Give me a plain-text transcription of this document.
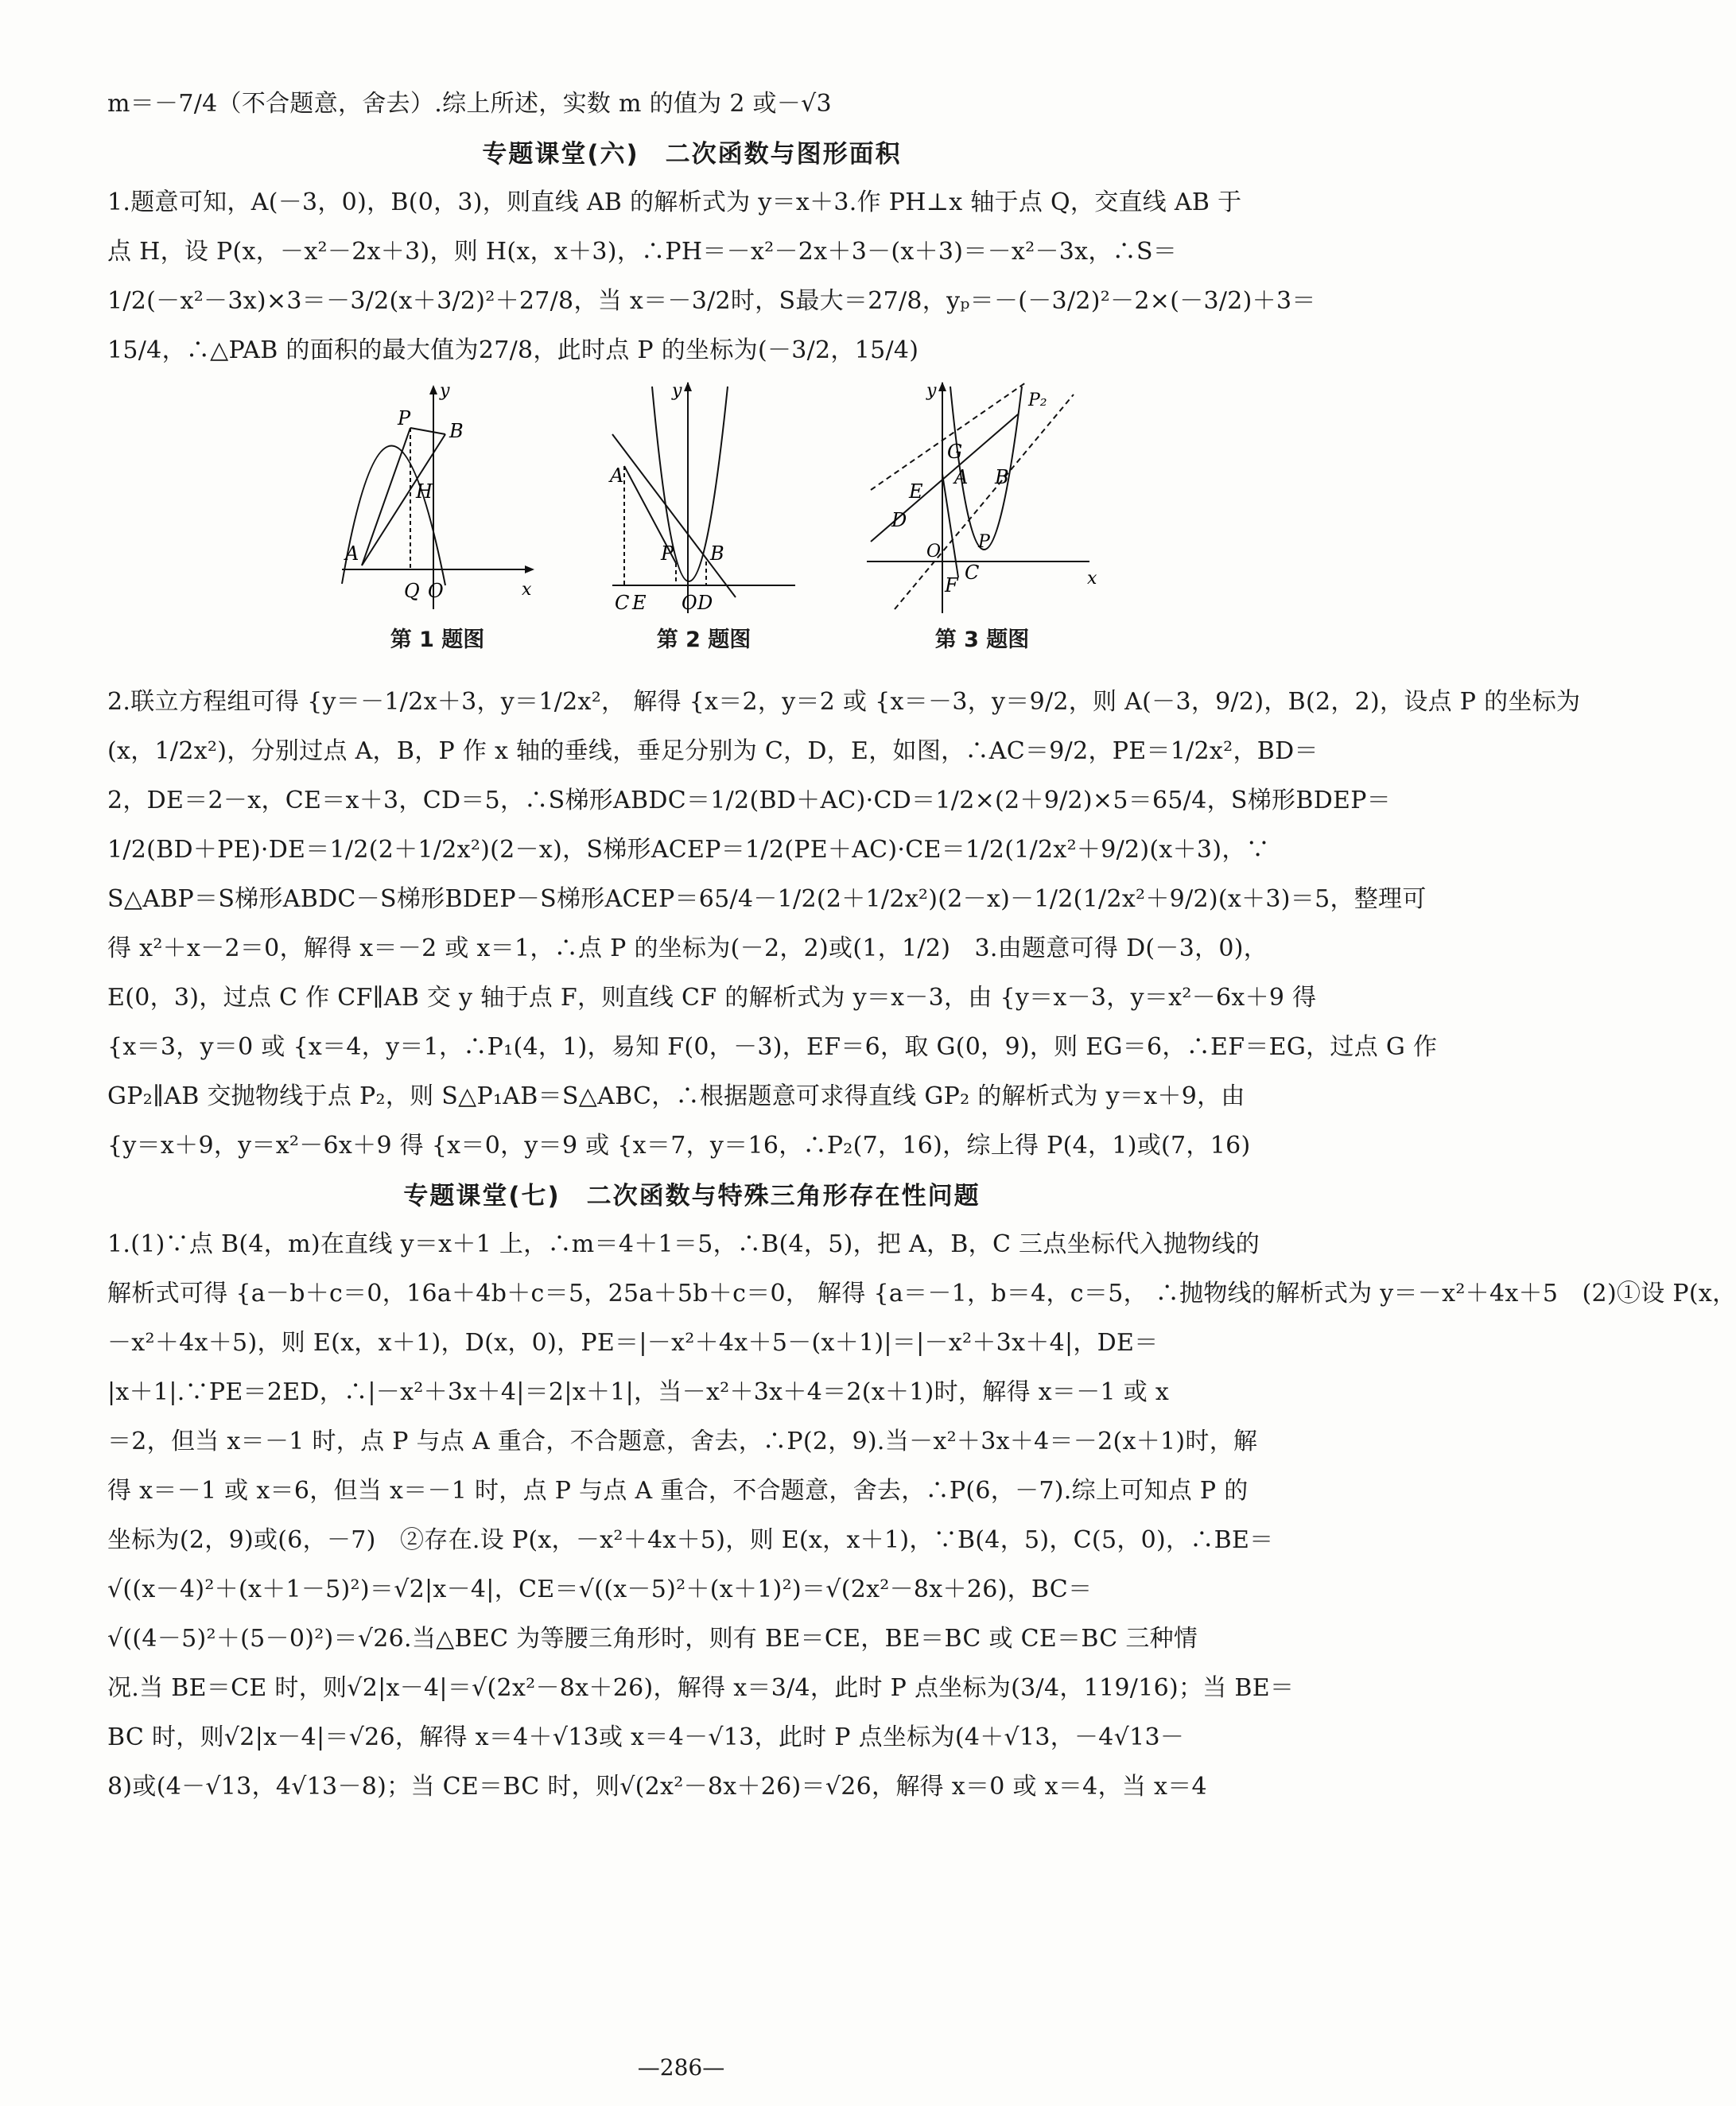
m＝－7/4（不合题意，舍去）.综上所述，实数 m 的值为 2 或－√3

专题课堂(六)　二次函数与图形面积

1.题意可知，A(－3，0)，B(0，3)，则直线 AB 的解析式为 y＝x＋3.作 PH⊥x 轴于点 Q，交直线 AB 于

点 H，设 P(x，－x²－2x＋3)，则 H(x，x＋3)，∴PH＝－x²－2x＋3－(x＋3)＝－x²－3x，∴S＝

1/2(－x²－3x)×3＝－3/2(x＋3/2)²＋27/8，当 x＝－3/2时，S最大＝27/8，yₚ＝－(－3/2)²－2×(－3/2)＋3＝

15/4，∴△PAB 的面积的最大值为27/8，此时点 P 的坐标为(－3/2，15/4)

y
x
P
B
H
A
Q O
第 1 题图
y
A
P B
C E O D
第 2 题图
y
x
P₂
G
A B
E
D
O P
C
F
第 3 题图

2.联立方程组可得 {y＝－1/2x＋3，y＝1/2x²， 解得 {x＝2，y＝2 或 {x＝－3，y＝9/2，则 A(－3，9/2)，B(2，2)，设点 P 的坐标为

(x，1/2x²)，分别过点 A，B，P 作 x 轴的垂线，垂足分别为 C，D，E，如图，∴AC＝9/2，PE＝1/2x²，BD＝

2，DE＝2－x，CE＝x＋3，CD＝5，∴S梯形ABDC＝1/2(BD＋AC)·CD＝1/2×(2＋9/2)×5＝65/4，S梯形BDEP＝

1/2(BD＋PE)·DE＝1/2(2＋1/2x²)(2－x)，S梯形ACEP＝1/2(PE＋AC)·CE＝1/2(1/2x²＋9/2)(x＋3)，∵

S△ABP＝S梯形ABDC－S梯形BDEP－S梯形ACEP＝65/4－1/2(2＋1/2x²)(2－x)－1/2(1/2x²＋9/2)(x＋3)＝5，整理可

得 x²＋x－2＝0，解得 x＝－2 或 x＝1，∴点 P 的坐标为(－2，2)或(1，1/2)　3.由题意可得 D(－3，0)，

E(0，3)，过点 C 作 CF∥AB 交 y 轴于点 F，则直线 CF 的解析式为 y＝x－3，由 {y＝x－3，y＝x²－6x＋9 得

{x＝3，y＝0 或 {x＝4，y＝1，∴P₁(4，1)，易知 F(0，－3)，EF＝6，取 G(0，9)，则 EG＝6，∴EF＝EG，过点 G 作

GP₂∥AB 交抛物线于点 P₂，则 S△P₁AB＝S△ABC，∴根据题意可求得直线 GP₂ 的解析式为 y＝x＋9，由

{y＝x＋9，y＝x²－6x＋9 得 {x＝0，y＝9 或 {x＝7，y＝16，∴P₂(7，16)，综上得 P(4，1)或(7，16)

专题课堂(七)　二次函数与特殊三角形存在性问题

1.(1)∵点 B(4，m)在直线 y＝x＋1 上，∴m＝4＋1＝5，∴B(4，5)，把 A，B，C 三点坐标代入抛物线的

解析式可得 {a－b＋c＝0，16a＋4b＋c＝5，25a＋5b＋c＝0， 解得 {a＝－1，b＝4，c＝5， ∴抛物线的解析式为 y＝－x²＋4x＋5　(2)①设 P(x，

－x²＋4x＋5)，则 E(x，x＋1)，D(x，0)，PE＝|－x²＋4x＋5－(x＋1)|＝|－x²＋3x＋4|，DE＝

|x＋1|.∵PE＝2ED，∴|－x²＋3x＋4|＝2|x＋1|，当－x²＋3x＋4＝2(x＋1)时，解得 x＝－1 或 x

＝2，但当 x＝－1 时，点 P 与点 A 重合，不合题意，舍去，∴P(2，9).当－x²＋3x＋4＝－2(x＋1)时，解

得 x＝－1 或 x＝6，但当 x＝－1 时，点 P 与点 A 重合，不合题意，舍去，∴P(6，－7).综上可知点 P 的

坐标为(2，9)或(6，－7)　②存在.设 P(x，－x²＋4x＋5)，则 E(x，x＋1)，∵B(4，5)，C(5，0)，∴BE＝

√((x－4)²＋(x＋1－5)²)＝√2|x－4|，CE＝√((x－5)²＋(x＋1)²)＝√(2x²－8x＋26)，BC＝

√((4－5)²＋(5－0)²)＝√26.当△BEC 为等腰三角形时，则有 BE＝CE，BE＝BC 或 CE＝BC 三种情

况.当 BE＝CE 时，则√2|x－4|＝√(2x²－8x＋26)，解得 x＝3/4，此时 P 点坐标为(3/4，119/16)；当 BE＝

BC 时，则√2|x－4|＝√26，解得 x＝4＋√13或 x＝4－√13，此时 P 点坐标为(4＋√13，－4√13－

8)或(4－√13，4√13－8)；当 CE＝BC 时，则√(2x²－8x＋26)＝√26，解得 x＝0 或 x＝4，当 x＝4

—286—
